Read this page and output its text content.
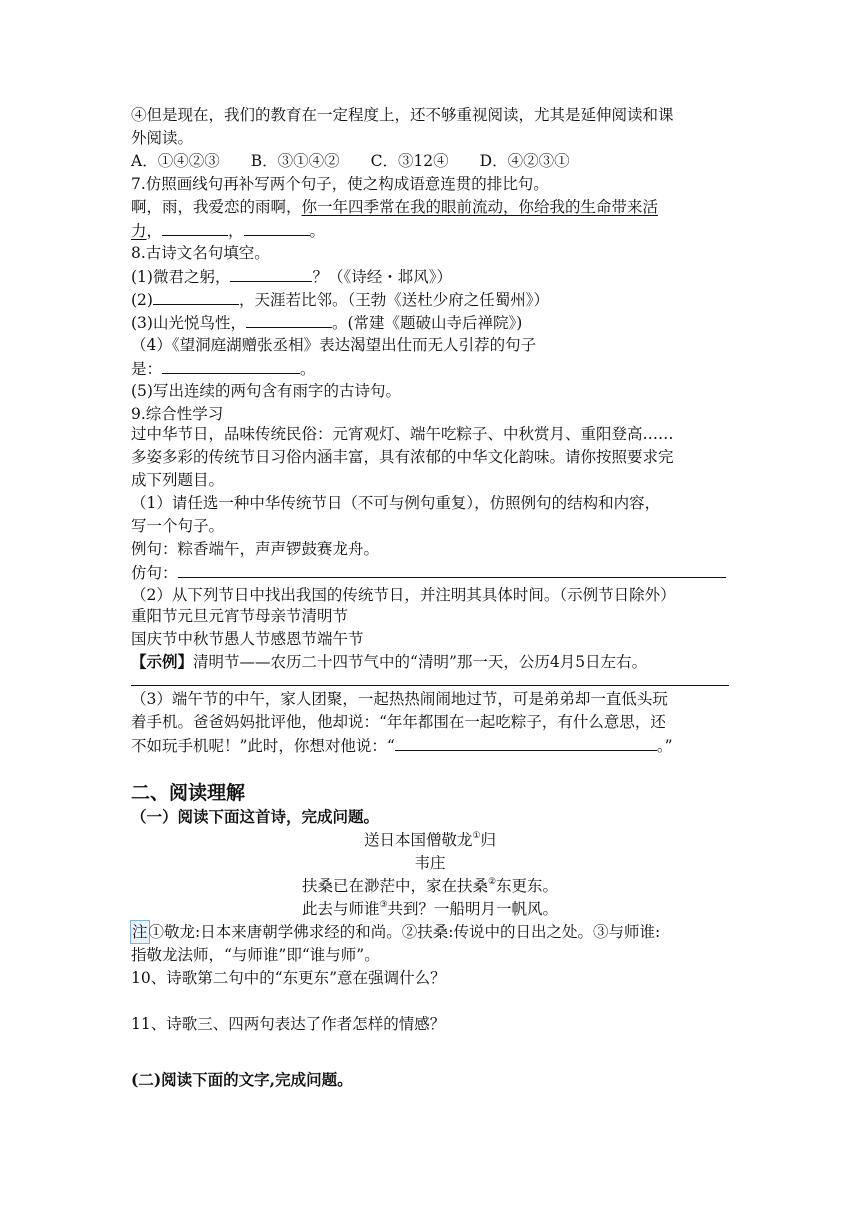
④但是现在，我们的教育在一定程度上，还不够重视阅读，尤其是延伸阅读和课
外阅读。
A．①④②③　　B．③①④②　　C．③12④　　D．④②③①
7.仿照画线句再补写两个句子，使之构成语意连贯的排比句。
啊，雨，我爱恋的雨啊，你一年四季常在我的眼前流动，你给我的生命带来活
力，	，	。
8.古诗文名句填空。
(1)微君之躬，	？（《诗经・邶风》）
(2)	，天涯若比邻。（王勃《送杜少府之任蜀州》）
(3)山光悦鸟性，	。(常建《题破山寺后禅院》)
（4）《望洞庭湖赠张丞相》表达渴望出仕而无人引荐的句子
是：	。
(5)写出连续的两句含有雨字的古诗句。
9.综合性学习
过中华节日，品味传统民俗：元宵观灯、端午吃粽子、中秋赏月、重阳登高……
多姿多彩的传统节日习俗内涵丰富，具有浓郁的中华文化韵味。请你按照要求完
成下列题目。
（1）请任选一种中华传统节日（不可与例句重复），仿照例句的结构和内容，
写一个句子。
例句：粽香端午，声声锣鼓赛龙舟。
仿句：
（2）从下列节日中找出我国的传统节日，并注明其具体时间。（示例节日除外）
重阳节元旦元宵节母亲节清明节
国庆节中秋节愚人节感恩节端午节
【示例】清明节——农历二十四节气中的“清明”那一天，公历4月5日左右。
（3）端午节的中午，家人团聚，一起热热闹闹地过节，可是弟弟却一直低头玩
着手机。爸爸妈妈批评他，他却说：“年年都围在一起吃粽子，有什么意思，还
不如玩手机呢！”此时，你想对他说：“	。”
二、阅读理解
（一）阅读下面这首诗，完成问题。
送日本国僧敬龙①归
韦庄
扶桑已在渺茫中，家在扶桑②东更东。
此去与师谁③共到？一船明月一帆风。
注①敬龙:日本来唐朝学佛求经的和尚。②扶桑:传说中的日出之处。③与师谁:
指敬龙法师，“与师谁”即“谁与师”。
10、诗歌第二句中的“东更东”意在强调什么？
11、诗歌三、四两句表达了作者怎样的情感？
(二)阅读下面的文字,完成问题。
